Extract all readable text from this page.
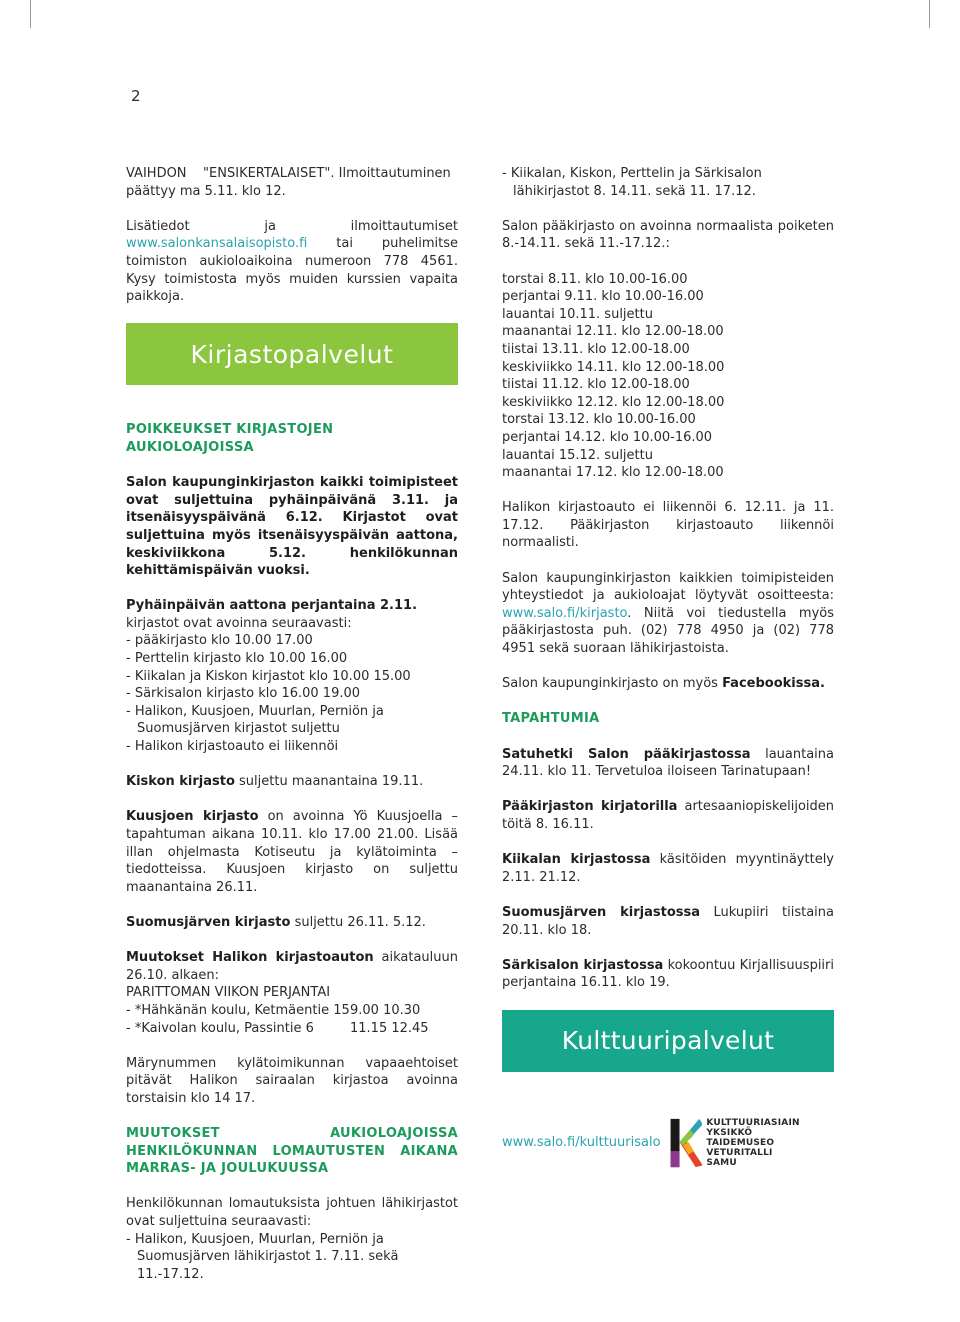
2
VAIHDON    "ENSIKERTALAISET". Ilmoittautuminen
päättyy ma 5.11. klo 12.

Lisätiedot ja ilmoittautumiset www.salonkansalaisopisto.fi tai puhelimitse toimiston aukioloaikoina numeroon 778 4561. Kysy toimistosta myös muiden kurssien vapaita paikkoja.

Kirjastopalvelut

POIKKEUKSET KIRJASTOJEN AUKIOLOAJOISSA

Salon kaupunginkirjaston kaikki toimipisteet ovat suljettuina pyhäinpäivänä 3.11. ja itsenäisyyspäivänä 6.12. Kirjastot ovat suljettuina myös itsenäisyyspäivän aattona, keskiviikkona 5.12. henkilökunnan kehittämispäivän vuoksi.

Pyhäinpäivän aattona perjantaina 2.11. kirjastot ovat avoinna seuraavasti:
- pääkirjasto klo 10.00 17.00
- Perttelin kirjasto klo 10.00 16.00
- Kiikalan ja Kiskon kirjastot klo 10.00 15.00
- Särkisalon kirjasto klo 16.00 19.00
- Halikon, Kuusjoen, Muurlan, Perniön ja Suomusjärven kirjastot suljettu
- Halikon kirjastoauto ei liikennöi

Kiskon kirjasto suljettu maanantaina 19.11.

Kuusjoen kirjasto on avoinna Yö Kuusjoella –tapahtuman aikana 10.11. klo 17.00 21.00. Lisää illan ohjelmasta Kotiseutu ja kylätoiminta –tiedotteissa. Kuusjoen kirjasto on suljettu maanantaina 26.11.

Suomusjärven kirjasto suljettu 26.11. 5.12.

Muutokset Halikon kirjastoauton aikatauluun 26.10. alkaen:
PARITTOMAN VIIKON PERJANTAI
- *Hähkänän koulu, Ketmäentie 159.00 10.30
- *Kaivolan koulu, Passintie 6	11.15 12.45

Märynummen kylätoimikunnan vapaaehtoiset pitävät Halikon sairaalan kirjastoa avoinna torstaisin klo 14 17.

MUUTOKSET AUKIOLOAJOISSA HENKILÖKUNNAN LOMAUTUSTEN AIKANA MARRAS- JA JOULUKUUSSA

Henkilökunnan lomautuksista johtuen lähikirjastot ovat suljettuina seuraavasti:
- Halikon, Kuusjoen, Muurlan, Perniön ja Suomusjärven lähikirjastot 1. 7.11. sekä 11.-17.12.

- Kiikalan, Kiskon, Perttelin ja Särkisalon lähikirjastot 8. 14.11. sekä 11. 17.12.

Salon pääkirjasto on avoinna normaalista poiketen 8.-14.11. sekä 11.-17.12.:

torstai 8.11. klo 10.00-16.00
perjantai 9.11. klo 10.00-16.00
lauantai 10.11. suljettu
maanantai 12.11. klo 12.00-18.00
tiistai 13.11. klo 12.00-18.00
keskiviikko 14.11. klo 12.00-18.00
tiistai 11.12. klo 12.00-18.00
keskiviikko 12.12. klo 12.00-18.00
torstai 13.12. klo 10.00-16.00
perjantai 14.12. klo 10.00-16.00
lauantai 15.12. suljettu
maanantai 17.12. klo 12.00-18.00

Halikon kirjastoauto ei liikennöi 6. 12.11. ja 11. 17.12. Pääkirjaston kirjastoauto liikennöi normaalisti.

Salon kaupunginkirjaston kaikkien toimipisteiden yhteystiedot ja aukioloajat löytyvät osoitteesta: www.salo.fi/kirjasto. Niitä voi tiedustella myös pääkirjastosta puh. (02) 778 4950 ja (02) 778 4951 sekä suoraan lähikirjastoista.

Salon kaupunginkirjasto on myös Facebookissa.

TAPAHTUMIA

Satuhetki Salon pääkirjastossa lauantaina 24.11. klo 11. Tervetuloa iloiseen Tarinatupaan!

Pääkirjaston kirjatorilla artesaaniopiskelijoiden töitä 8. 16.11.

Kiikalan kirjastossa käsitöiden myyntinäyttely 2.11. 21.12.

Suomusjärven kirjastossa Lukupiiri tiistaina 20.11. klo 18.

Särkisalon kirjastossa kokoontuu Kirjallisuuspiiri perjantaina 16.11. klo 19.

Kulttuuripalvelut
www.salo.fi/kulttuurisalo
KULTTUURIASIAIN YKSIKKÖ
TAIDEMUSEO VETURITALLI
SAMU
